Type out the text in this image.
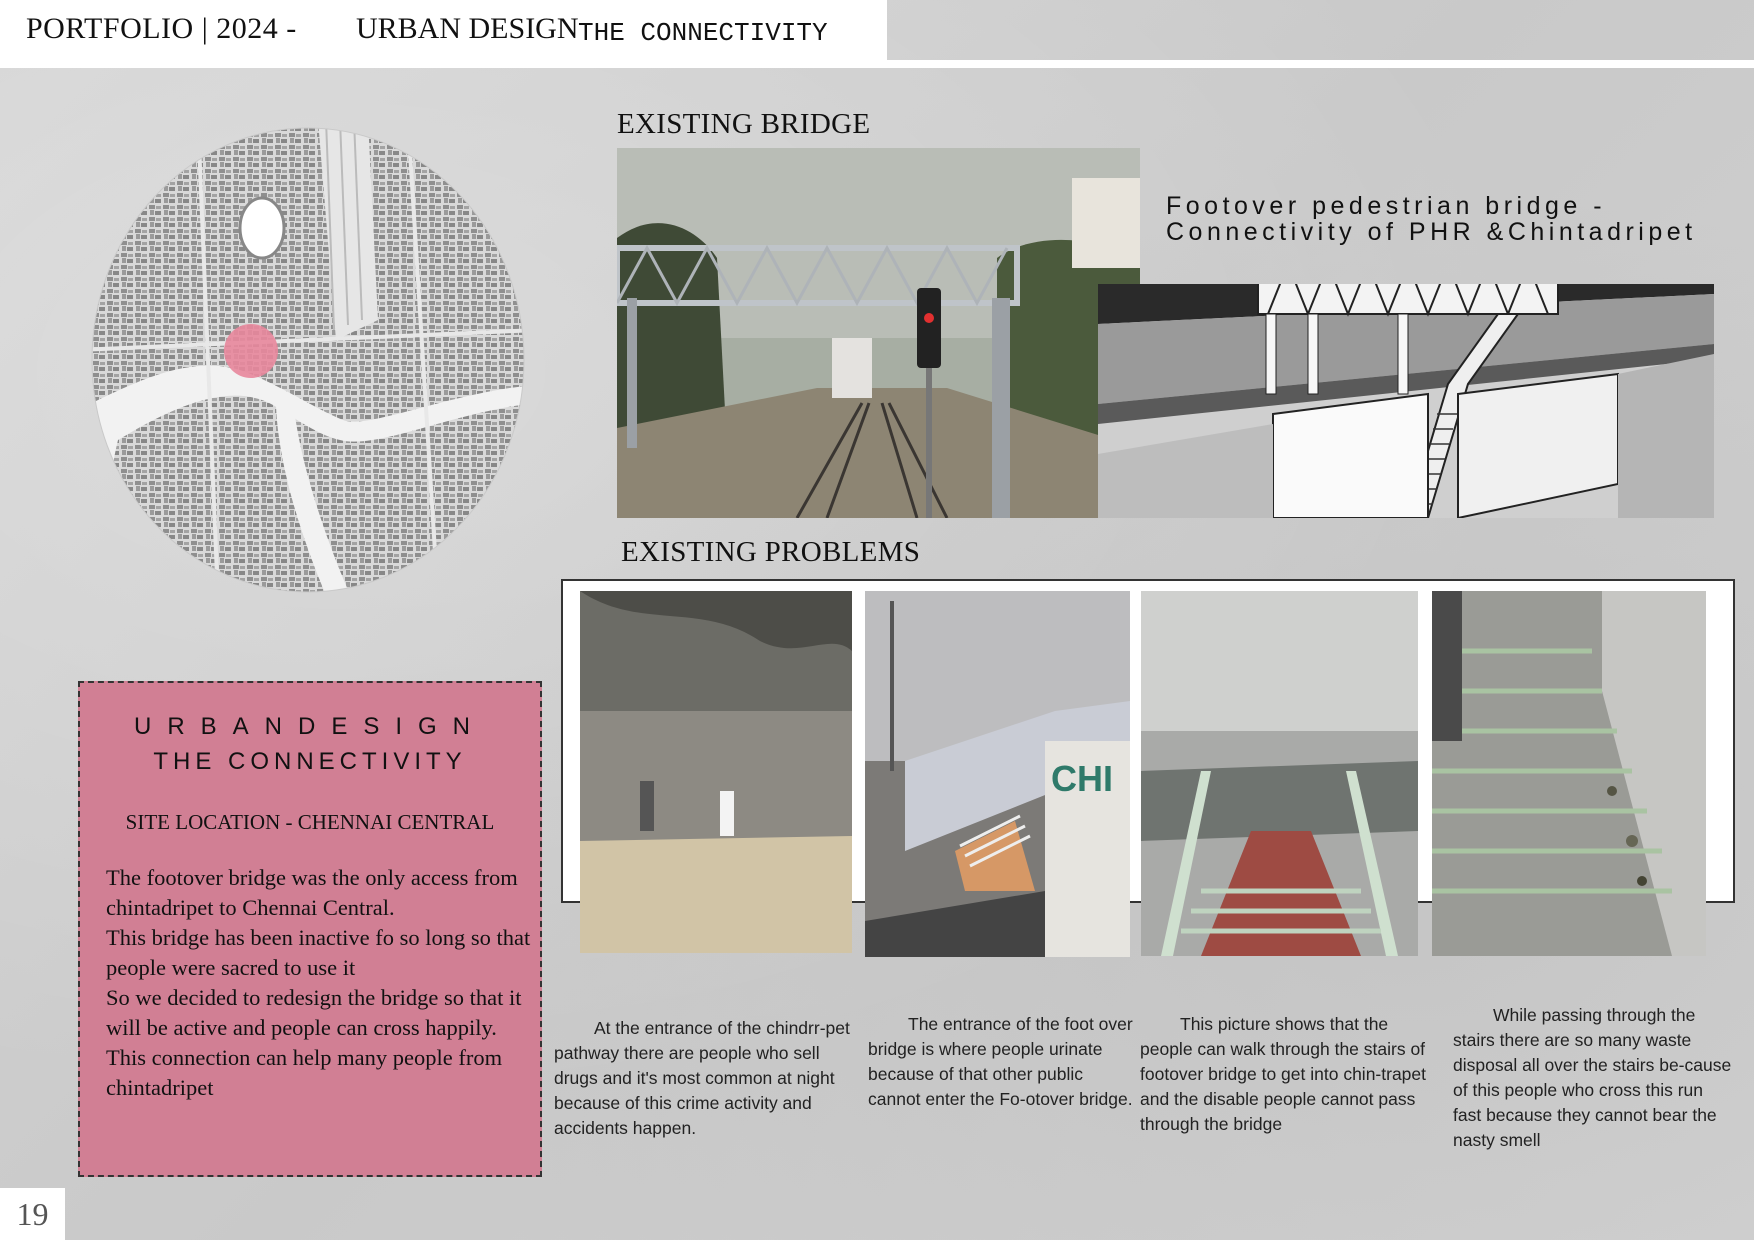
PORTFOLIO | 2024 - URBAN DESIGN THE CONNECTIVITY
EXISTING BRIDGE
Footover pedestrian bridge -
Connectivity of PHR &Chintadripet
EXISTING PROBLEMS
CHI

At the entrance of the chindrr-pet pathway there are people who sell drugs and it's most common at night because of this crime activity and accidents happen.

The entrance of the foot over bridge is where people urinate because of that other public cannot enter the Fo-otover bridge.

This picture shows that the people can walk through the stairs of footover bridge to get into chin-trapet and the disable people cannot pass through the bridge

While passing through the stairs there are so many waste disposal all over the stairs be-cause of this people who cross this run fast because they cannot bear the nasty smell

URBANDESIGN
THE CONNECTIVITY
SITE LOCATION - CHENNAI CENTRAL
The footover bridge was the only access from
chintadripet to Chennai Central.
This bridge has been inactive fo so long so that
people were sacred to use it
So we decided to redesign the bridge so that it
will be active and people can cross happily.
This connection can help many people from
chintadripet
19
